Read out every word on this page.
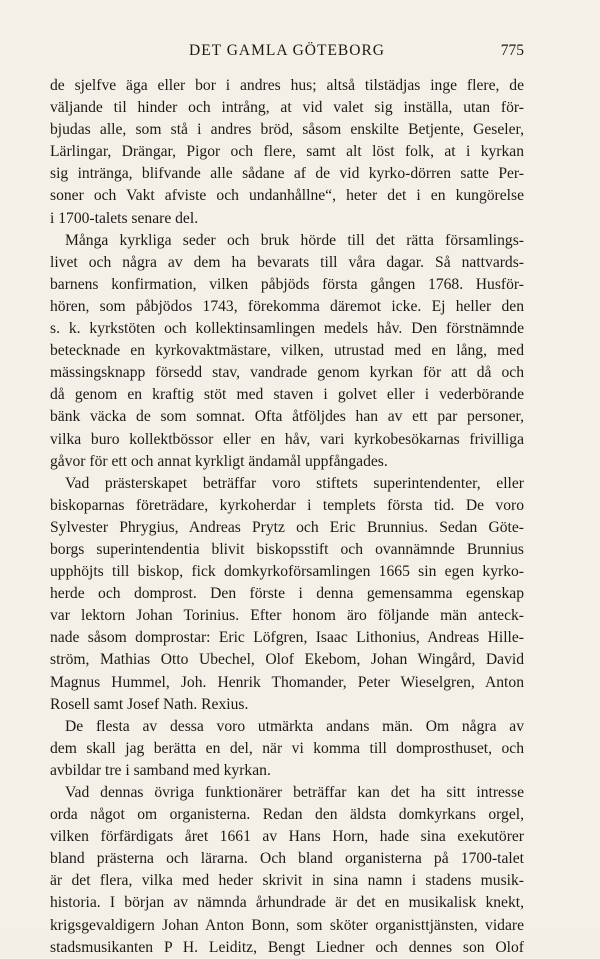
DET GAMLA GÖTEBORG	775
de sjelfve äga eller bor i andres hus; altså tilstädjas inge flere, de
väljande til hinder och intrång, at vid valet sig inställa, utan för-
bjudas alle, som stå i andres bröd, såsom enskilte Betjente, Geseler,
Lärlingar, Drängar, Pigor och flere, samt alt löst folk, at i kyrkan
sig intränga, blifvande alle sådane af de vid kyrko-dörren satte Per-
soner och Vakt afviste och undanhållne“, heter det i en kungörelse
i 1700-talets senare del.
Många kyrkliga seder och bruk hörde till det rätta församlings-
livet och några av dem ha bevarats till våra dagar. Så nattvards-
barnens konfirmation, vilken påbjöds första gången 1768. Husför-
hören, som påbjödos 1743, förekomma däremot icke. Ej heller den
s. k. kyrkstöten och kollektinsamlingen medels håv. Den förstnämnde
betecknade en kyrkovaktmästare, vilken, utrustad med en lång, med
mässingsknapp försedd stav, vandrade genom kyrkan för att då och
då genom en kraftig stöt med staven i golvet eller i vederbörande
bänk väcka de som somnat. Ofta åtföljdes han av ett par personer,
vilka buro kollektbössor eller en håv, vari kyrkobesökarnas frivilliga
gåvor för ett och annat kyrkligt ändamål uppfångades.
Vad prästerskapet beträffar voro stiftets superintendenter, eller
biskoparnas företrädare, kyrkoherdar i templets första tid. De voro
Sylvester Phrygius, Andreas Prytz och Eric Brunnius. Sedan Göte-
borgs superintendentia blivit biskopsstift och ovannämnde Brunnius
upphöjts till biskop, fick domkyrkoförsamlingen 1665 sin egen kyrko-
herde och domprost. Den förste i denna gemensamma egenskap
var lektorn Johan Torinius. Efter honom äro följande män anteck-
nade såsom domprostar: Eric Löfgren, Isaac Lithonius, Andreas Hille-
ström, Mathias Otto Ubechel, Olof Ekebom, Johan Wingård, David
Magnus Hummel, Joh. Henrik Thomander, Peter Wieselgren, Anton
Rosell samt Josef Nath. Rexius.
De flesta av dessa voro utmärkta andans män. Om några av
dem skall jag berätta en del, när vi komma till domprosthuset, och
avbildar tre i samband med kyrkan.
Vad dennas övriga funktionärer beträffar kan det ha sitt intresse
orda något om organisterna. Redan den äldsta domkyrkans orgel,
vilken förfärdigats året 1661 av Hans Horn, hade sina exekutörer
bland prästerna och lärarna. Och bland organisterna på 1700-talet
är det flera, vilka med heder skrivit in sina namn i stadens musik-
historia. I början av nämnda århundrade är det en musikalisk knekt,
krigsgevaldigern Johan Anton Bonn, som sköter organisttjänsten, vidare
stadsmusikanten P H. Leiditz, Bengt Liedner och dennes son Olof
